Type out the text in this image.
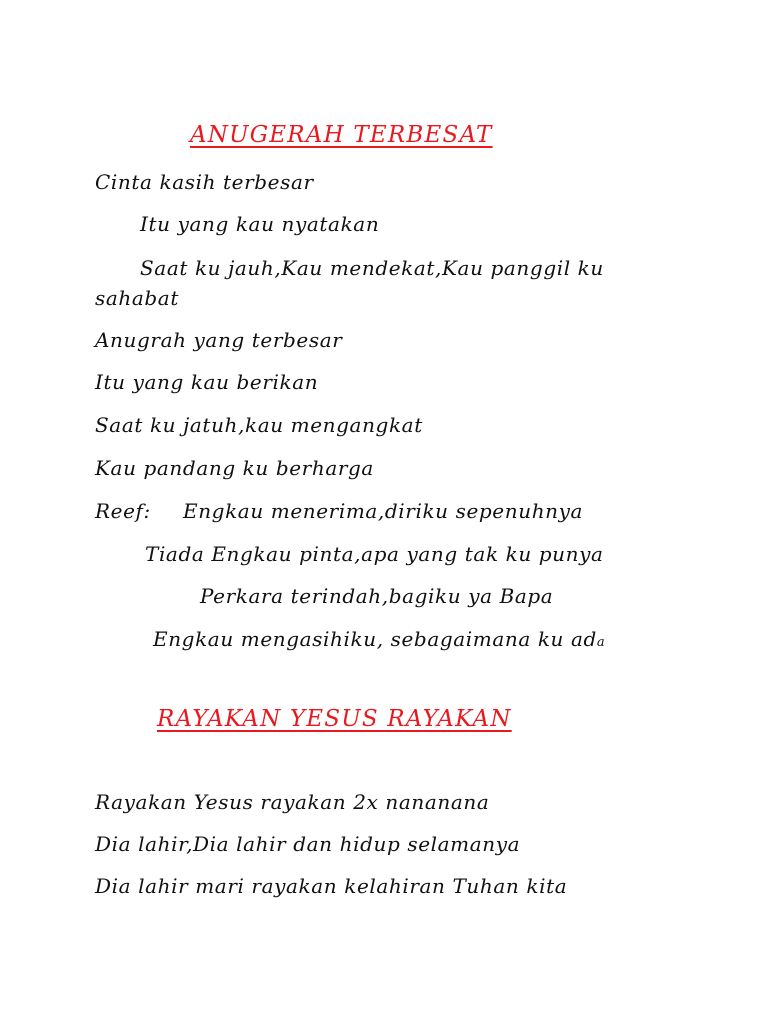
ANUGERAH TERBESAT
Cinta kasih terbesar
Itu yang kau nyatakan
Saat ku jauh,Kau mendekat,Kau panggil ku
sahabat
Anugrah yang terbesar
Itu yang kau berikan
Saat ku jatuh,kau mengangkat
Kau pandang ku berharga
Reef: Engkau menerima,diriku sepenuhnya
Tiada Engkau pinta,apa yang tak ku punya
Perkara terindah,bagiku ya Bapa
Engkau mengasihiku, sebagaimana ku ada
RAYAKAN YESUS RAYAKAN
Rayakan Yesus rayakan 2x nananana
Dia lahir,Dia lahir dan hidup selamanya
Dia lahir mari rayakan kelahiran Tuhan kita
